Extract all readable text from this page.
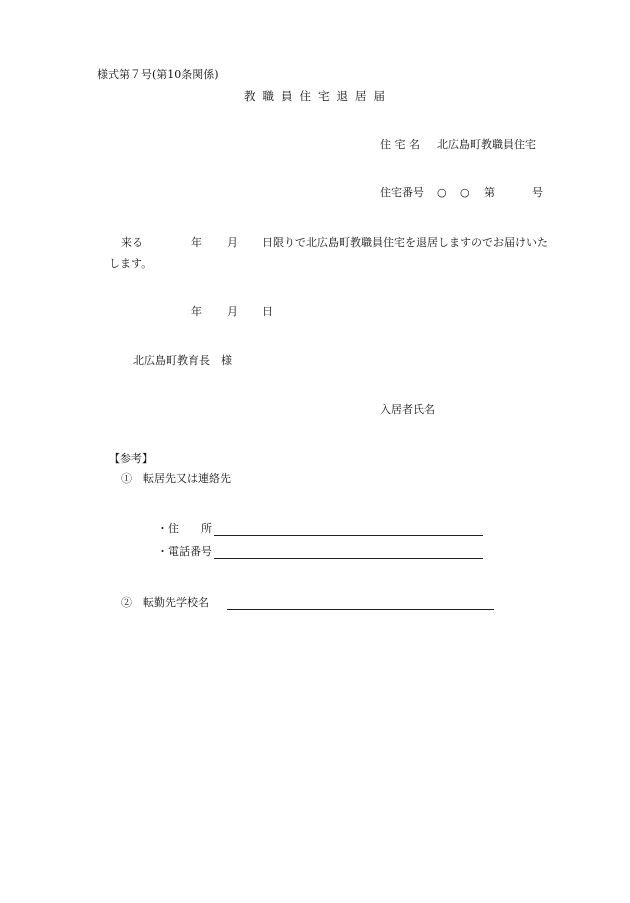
様式第７号(第10条関係)
教職員住宅退居届
住 宅 名 北広島町教職員住宅
住宅番号 ○ ○ 第	号
来る	年 月 日限りで北広島町教職員住宅を退居しますのでお届けいた
します。
年 月 日
北広島町教育長　様
入居者氏名
【参考】
①　転居先又は連絡先
・住　　所
・電話番号
②　転勤先学校名
